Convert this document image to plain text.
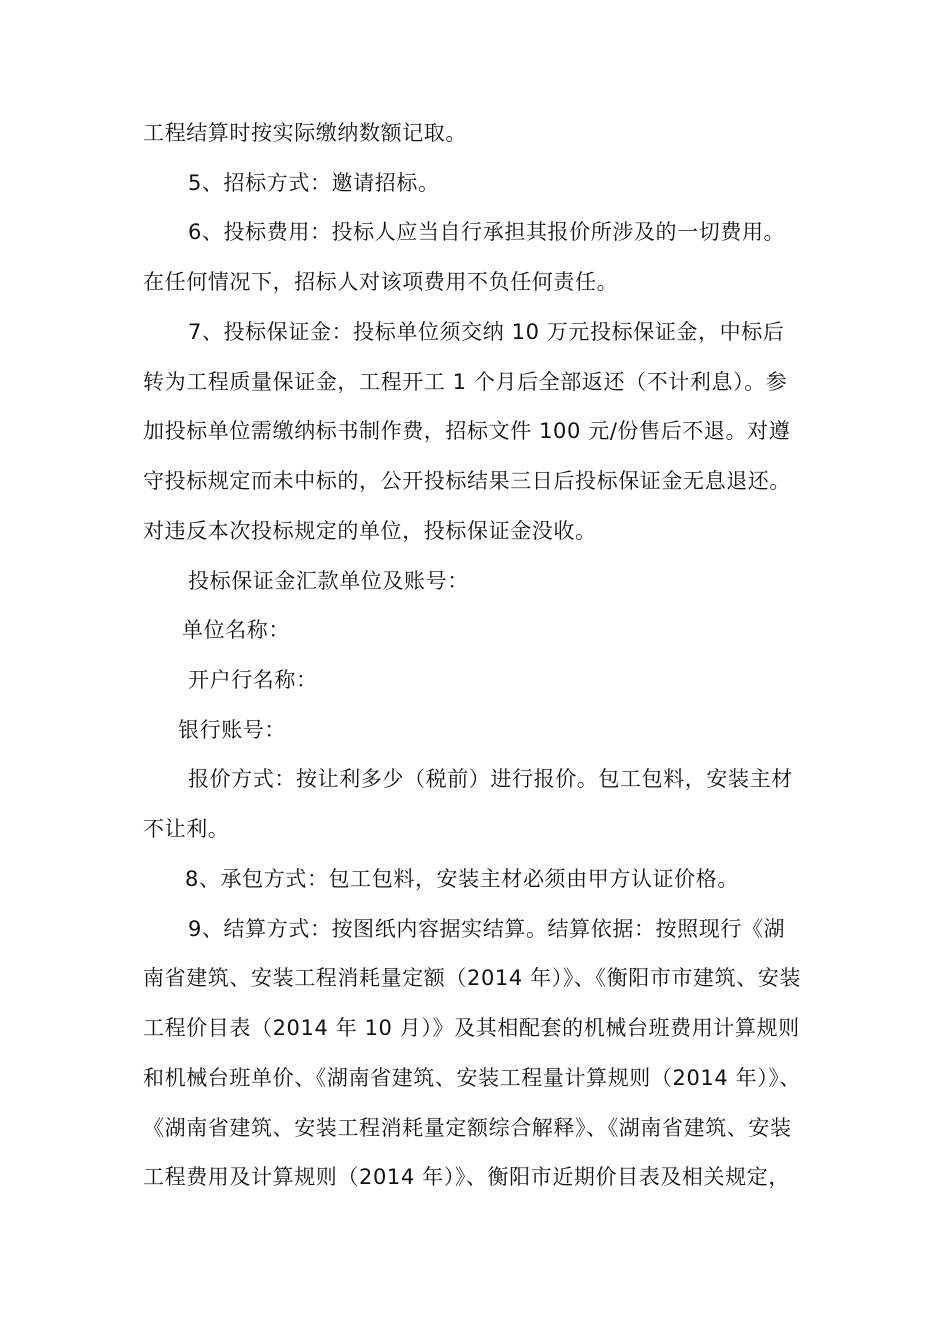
工程结算时按实际缴纳数额记取。
5、招标方式：邀请招标。
6、投标费用：投标人应当自行承担其报价所涉及的一切费用。
在任何情况下，招标人对该项费用不负任何责任。
7、投标保证金：投标单位须交纳 10 万元投标保证金，中标后
转为工程质量保证金，工程开工 1 个月后全部返还（不计利息）。参
加投标单位需缴纳标书制作费，招标文件 100 元/份售后不退。对遵
守投标规定而未中标的，公开投标结果三日后投标保证金无息退还。
对违反本次投标规定的单位，投标保证金没收。
投标保证金汇款单位及账号：
单位名称：
开户行名称：
银行账号：
报价方式：按让利多少（税前）进行报价。包工包料，安装主材
不让利。
8、承包方式：包工包料，安装主材必须由甲方认证价格。
9、结算方式：按图纸内容据实结算。结算依据：按照现行《湖
南省建筑、安装工程消耗量定额（2014 年）》、《衡阳市市建筑、安装
工程价目表（2014 年 10 月）》及其相配套的机械台班费用计算规则
和机械台班单价、《湖南省建筑、安装工程量计算规则（2014 年）》、
《湖南省建筑、安装工程消耗量定额综合解释》、《湖南省建筑、安装
工程费用及计算规则（2014 年）》、衡阳市近期价目表及相关规定，
